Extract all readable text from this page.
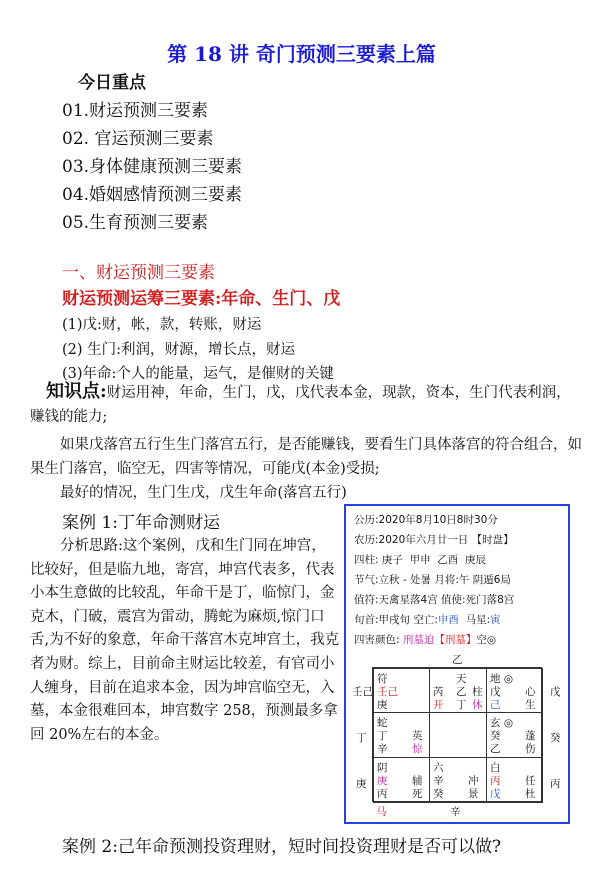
第 18 讲 奇门预测三要素上篇
今日重点
01.财运预测三要素
02. 官运预测三要素
03.身体健康预测三要素
04.婚姻感情预测三要素
05.生育预测三要素
一、财运预测三要素
财运预测运筹三要素:年命、生门、戊
(1)戊:财，帐，款，转账，财运
(2) 生门:利润，财源，增长点，财运
(3)年命:个人的能量，运气，是催财的关键
知识点:财运用神，年命，生门，戊，戊代表本金，现款，资本，生门代表利润，赚钱的能力;
如果戊落宫五行生生门落宫五行，是否能赚钱，要看生门具体落宫的符合组合，如果生门落宫，临空无，四害等情况，可能戊(本金)受损;
最好的情况，生门生戊，戊生年命(落宫五行)
案例 1:丁年命测财运
分析思路:这个案例，戊和生门同在坤宫，比较好，但是临九地，寄宫，坤宫代表多，代表小本生意做的比较乱，年命干是丁，临惊门，金克木，门破，震宫为雷动，腾蛇为麻烦,惊门口舌,为不好的象意，年命干落宫木克坤宫土，我克者为财。综上，目前命主财运比较差，有官司小人缠身，目前在追求本金，因为坤宫临空无，入墓，本金很难回本，坤宫数字 258，预测最多拿回 20%左右的本金。
公历:2020年8月10日8时30分
农历:2020年六月廿一日 【时盘】
四柱: 庚子 甲申 乙酉 庚辰
节气:立秋 - 处暑 月将:午 阴遁6局
值符:天禽星落4宫 值使:死门落8宫
旬首:甲戌旬 空亡:申酉 马星:寅
四害颜色: 刑墓迫【刑墓】空◎
乙
壬己
丁
庚
戊
癸
丙
马	辛
符
壬己
庚
天
芮 乙 柱
开 丁 休
地 ◎
戊 心
己 生
蛇
丁 英
辛 惊
玄 ◎
癸 蓬
乙 伤
阴
庚 辅
丙 死
六
辛 冲
癸 景
白
丙 任
戊 杜
案例 2:己年命预测投资理财，短时间投资理财是否可以做?
